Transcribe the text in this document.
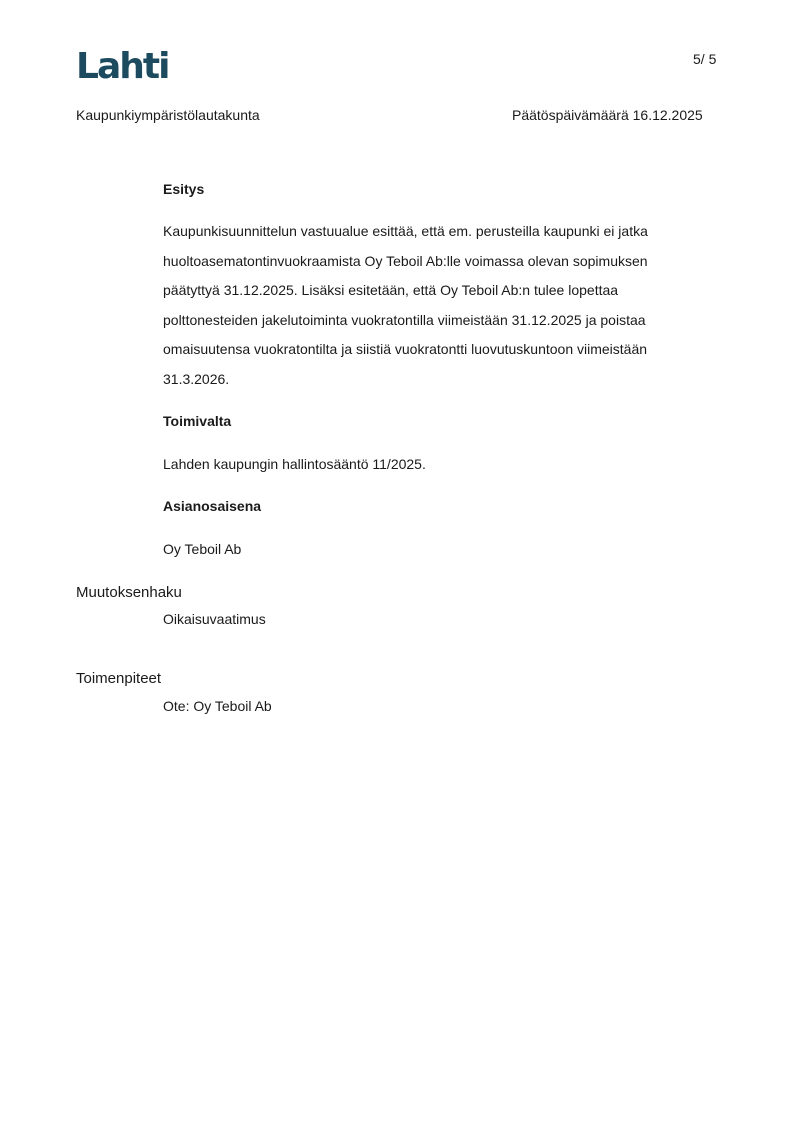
Lahti	5/ 5
Kaupunkiympäristölautakunta	Päätöspäivämäärä 16.12.2025
Esitys
Kaupunkisuunnittelun vastuualue esittää, että em. perusteilla kaupunki ei jatka
huoltoasematontinvuokraamista Oy Teboil Ab:lle voimassa olevan sopimuksen
päätyttyä 31.12.2025. Lisäksi esitetään, että Oy Teboil Ab:n tulee lopettaa
polttonesteiden jakelutoiminta vuokratontilla viimeistään 31.12.2025 ja poistaa
omaisuutensa vuokratontilta ja siistiä vuokratontti luovutuskuntoon viimeistään
31.3.2026.
Toimivalta
Lahden kaupungin hallintosääntö 11/2025.
Asianosaisena
Oy Teboil Ab
Muutoksenhaku
Oikaisuvaatimus
Toimenpiteet
Ote: Oy Teboil Ab
